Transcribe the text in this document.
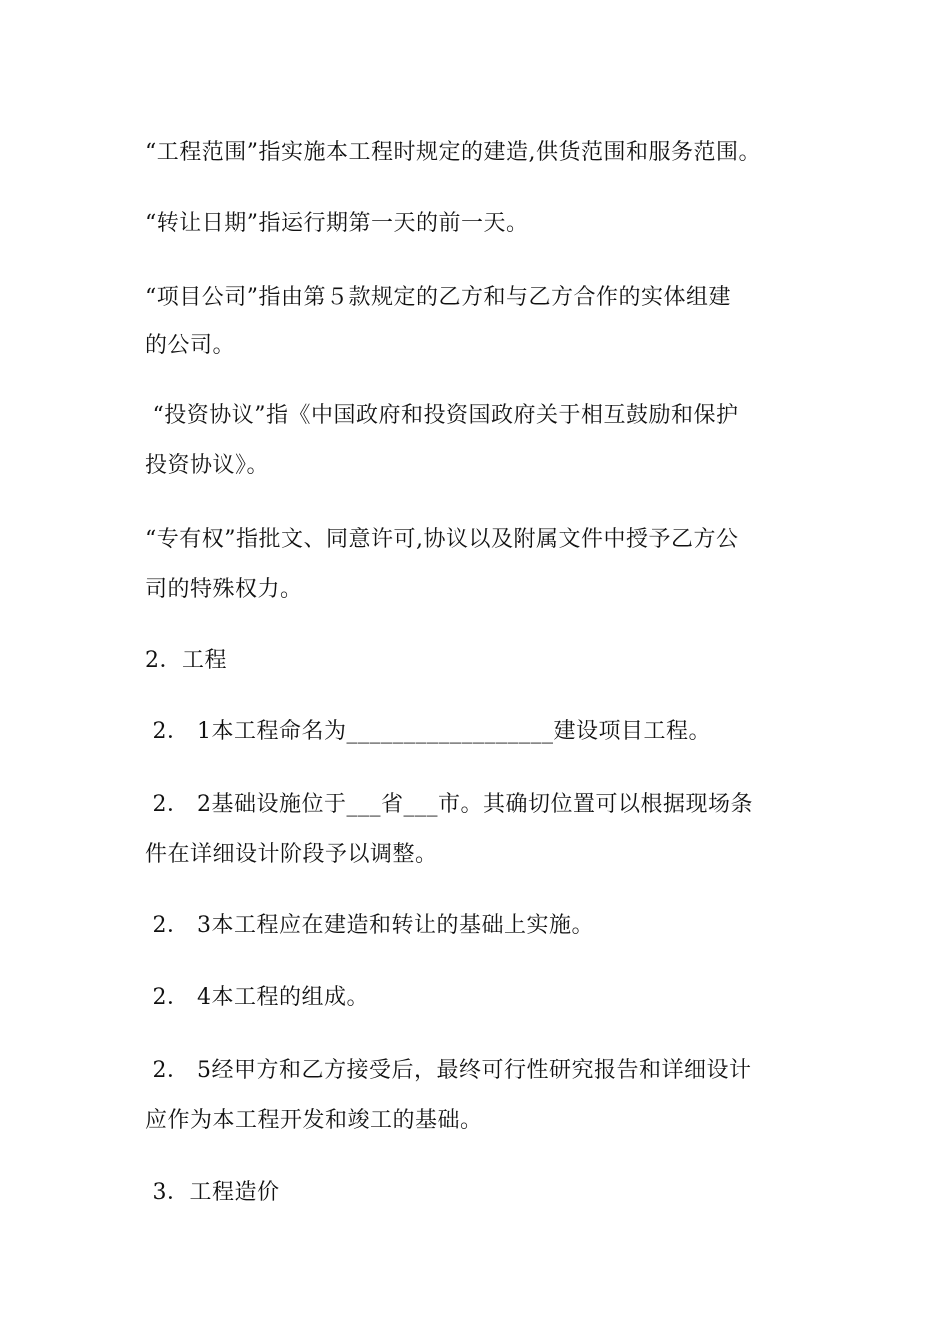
“工程范围”指实施本工程时规定的建造,供货范围和服务范围。
“转让日期”指运行期第一天的前一天。
“项目公司”指由第５款规定的乙方和与乙方合作的实体组建
的公司。
“投资协议”指《中国政府和投资国政府关于相互鼓励和保护
投资协议》。
“专有权”指批文、同意许可,协议以及附属文件中授予乙方公
司的特殊权力。
2．工程
2． 1本工程命名为__________________建设项目工程。
2． 2基础设施位于___省___市。其确切位置可以根据现场条
件在详细设计阶段予以调整。
2． 3本工程应在建造和转让的基础上实施。
2． 4本工程的组成。
2． 5经甲方和乙方接受后，最终可行性研究报告和详细设计
应作为本工程开发和竣工的基础。
3．工程造价
